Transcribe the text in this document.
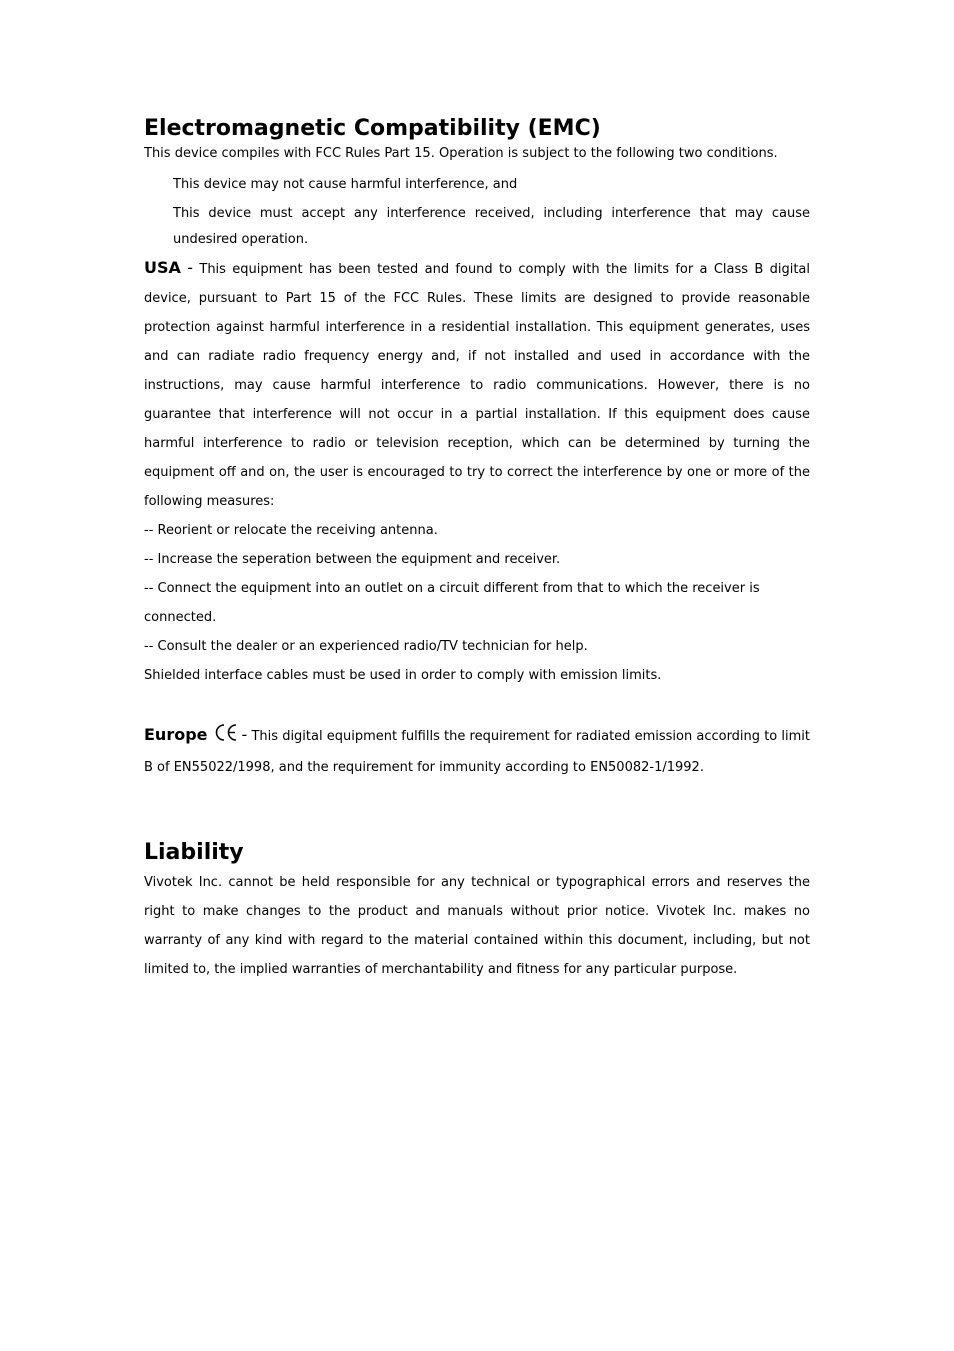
Electromagnetic Compatibility (EMC)

This device compiles with FCC Rules Part 15. Operation is subject to the following two conditions.

This device may not cause harmful interference, and

This device must accept any interference received, including interference that may cause undesired operation.

USA - This equipment has been tested and found to comply with the limits for a Class B digital device, pursuant to Part 15 of the FCC Rules. These limits are designed to provide reasonable protection against harmful interference in a residential installation. This equipment generates, uses and can radiate radio frequency energy and, if not installed and used in accordance with the instructions, may cause harmful interference to radio communications. However, there is no guarantee that interference will not occur in a partial installation. If this equipment does cause harmful interference to radio or television reception, which can be determined by turning the equipment off and on, the user is encouraged to try to correct the interference by one or more of the following measures:

-- Reorient or relocate the receiving antenna.

-- Increase the seperation between the equipment and receiver.

-- Connect the equipment into an outlet on a circuit different from that to which the receiver is connected.

-- Consult the dealer or an experienced radio/TV technician for help.

Shielded interface cables must be used in order to comply with emission limits.

Europe - This digital equipment fulfills the requirement for radiated emission according to limit B of EN55022/1998, and the requirement for immunity according to EN50082-1/1992.

Liability

Vivotek Inc. cannot be held responsible for any technical or typographical errors and reserves the right to make changes to the product and manuals without prior notice. Vivotek Inc. makes no warranty of any kind with regard to the material contained within this document, including, but not limited to, the implied warranties of merchantability and fitness for any particular purpose.
